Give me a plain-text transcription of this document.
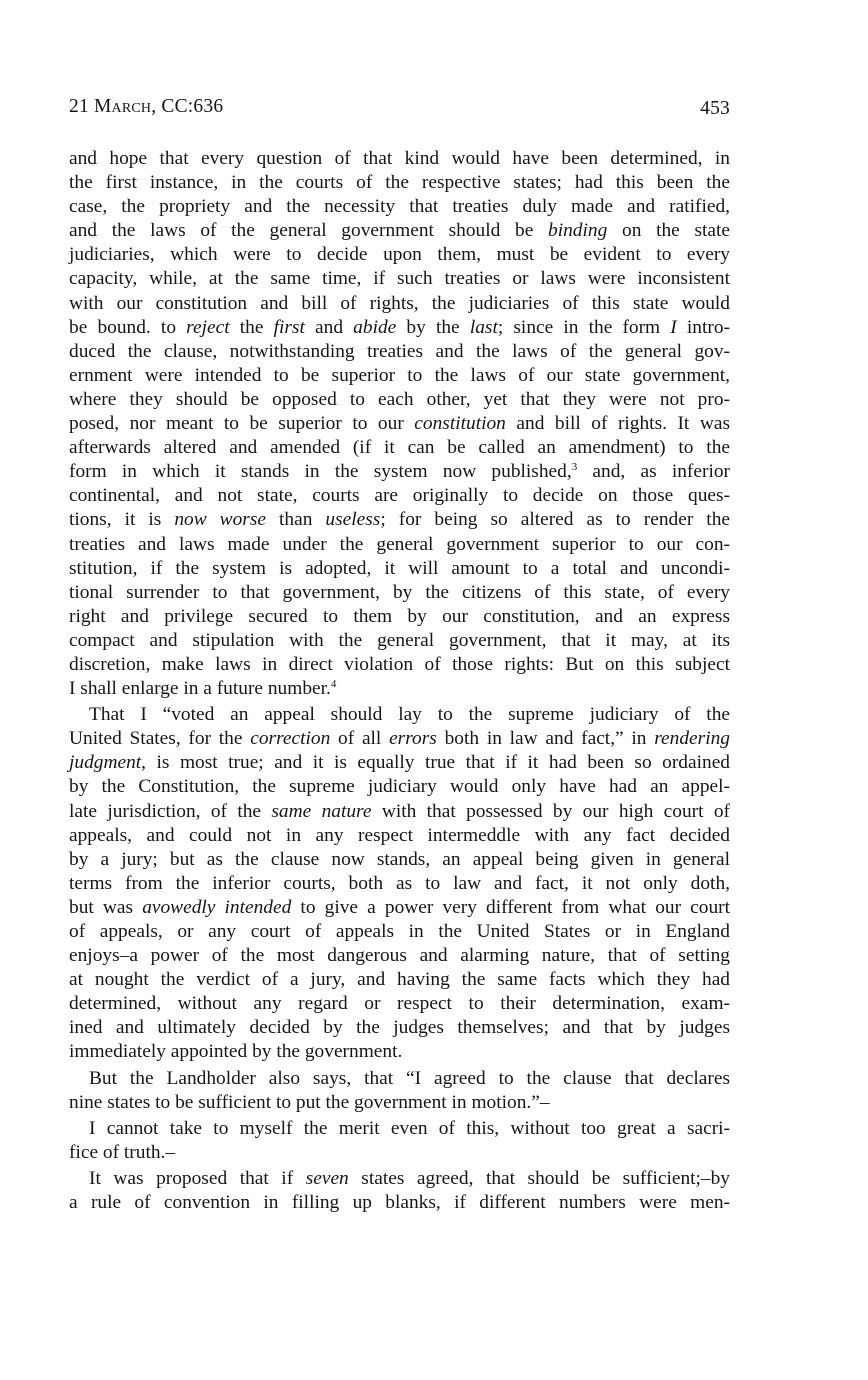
21 March, CC:636	453
and hope that every question of that kind would have been determined, in
the first instance, in the courts of the respective states; had this been the
case, the propriety and the necessity that treaties duly made and ratified,
and the laws of the general government should be binding on the state
judiciaries, which were to decide upon them, must be evident to every
capacity, while, at the same time, if such treaties or laws were inconsistent
with our constitution and bill of rights, the judiciaries of this state would
be bound. to reject the first and abide by the last; since in the form I intro-
duced the clause, notwithstanding treaties and the laws of the general gov-
ernment were intended to be superior to the laws of our state government,
where they should be opposed to each other, yet that they were not pro-
posed, nor meant to be superior to our constitution and bill of rights. It was
afterwards altered and amended (if it can be called an amendment) to the
form in which it stands in the system now published,$^3$ and, as inferior
continental, and not state, courts are originally to decide on those ques-
tions, it is now worse than useless; for being so altered as to render the
treaties and laws made under the general government superior to our con-
stitution, if the system is adopted, it will amount to a total and uncondi-
tional surrender to that government, by the citizens of this state, of every
right and privilege secured to them by our constitution, and an express
compact and stipulation with the general government, that it may, at its
discretion, make laws in direct violation of those rights: But on this subject
I shall enlarge in a future number.$^4$
That I “voted an appeal should lay to the supreme judiciary of the
United States, for the correction of all errors both in law and fact,” in rendering
judgment, is most true; and it is equally true that if it had been so ordained
by the Constitution, the supreme judiciary would only have had an appel-
late jurisdiction, of the same nature with that possessed by our high court of
appeals, and could not in any respect intermeddle with any fact decided
by a jury; but as the clause now stands, an appeal being given in general
terms from the inferior courts, both as to law and fact, it not only doth,
but was avowedly intended to give a power very different from what our court
of appeals, or any court of appeals in the United States or in England
enjoys–a power of the most dangerous and alarming nature, that of setting
at nought the verdict of a jury, and having the same facts which they had
determined, without any regard or respect to their determination, exam-
ined and ultimately decided by the judges themselves; and that by judges
immediately appointed by the government.
But the Landholder also says, that “I agreed to the clause that declares
nine states to be sufficient to put the government in motion.”–
I cannot take to myself the merit even of this, without too great a sacri-
fice of truth.–
It was proposed that if seven states agreed, that should be sufficient;–by
a rule of convention in filling up blanks, if different numbers were men-
